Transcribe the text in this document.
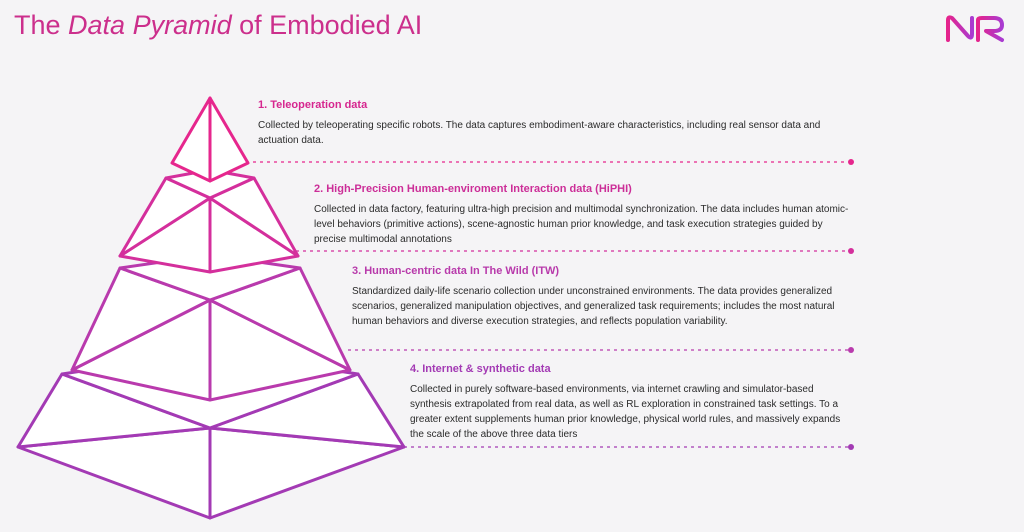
The Data Pyramid of Embodied AI
1. Teleoperation data
Collected by teleoperating specific robots. The data captures embodiment-aware characteristics, including real sensor data and actuation data.
2. High-Precision Human-enviroment Interaction data (HiPHI)
Collected in data factory, featuring ultra-high precision and multimodal synchronization. The data includes human atomic-level behaviors (primitive actions), scene-agnostic human prior knowledge, and task execution strategies guided by precise multimodal annotations
3. Human-centric data In The Wild (ITW)
Standardized daily-life scenario collection under unconstrained environments. The data provides generalized scenarios, generalized manipulation objectives, and generalized task requirements; includes the most natural human behaviors and diverse execution strategies, and reflects population variability.
4. Internet & synthetic data
Collected in purely software-based environments, via internet crawling and simulator-based synthesis extrapolated from real data, as well as RL exploration in constrained task settings. To a greater extent supplements human prior knowledge, physical world rules, and massively expands the scale of the above three data tiers
